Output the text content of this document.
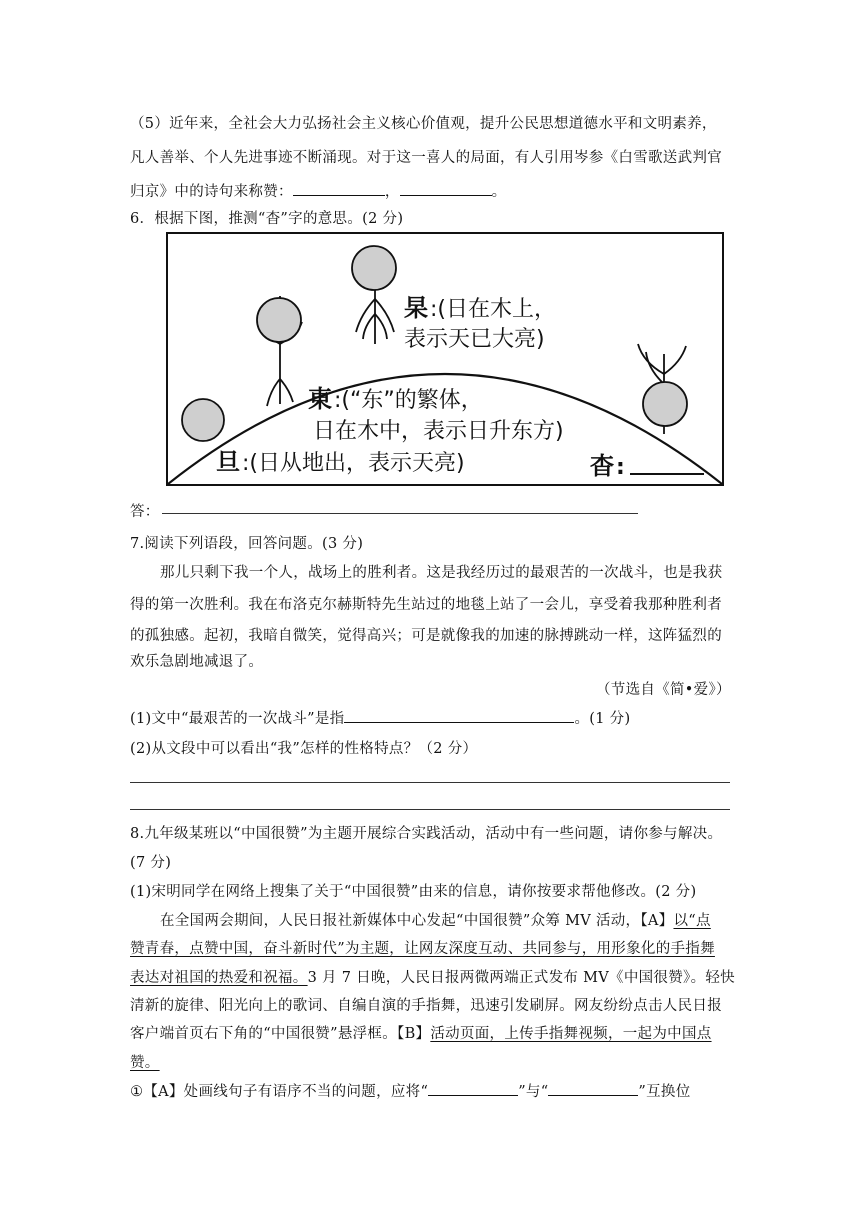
（5）近年来，全社会大力弘扬社会主义核心价值观，提升公民思想道德水平和文明素养，
凡人善举、个人先进事迹不断涌现。对于这一喜人的局面，有人引用岑参《白雪歌送武判官
归京》中的诗句来称赞：	，	。
6．根据下图，推测“杳”字的意思。(2 分)
杲 :(日在木上，
表示天已大亮)
東 :(“东”的繁体，
日在木中，表示日升东方)
旦 :(日从地出，表示天亮)	杳 :
答：
7.阅读下列语段，回答问题。(3 分)
那儿只剩下我一个人，战场上的胜利者。这是我经历过的最艰苦的一次战斗，也是我获
得的第一次胜利。我在布洛克尔赫斯特先生站过的地毯上站了一会儿，享受着我那种胜利者
的孤独感。起初，我暗自微笑，觉得高兴；可是就像我的加速的脉搏跳动一样，这阵猛烈的
欢乐急剧地减退了。
（节选自《简•爱》）
(1)文中“最艰苦的一次战斗”是指	。(1 分)
(2)从文段中可以看出“我”怎样的性格特点？（2 分）
8.九年级某班以“中国很赞”为主题开展综合实践活动，活动中有一些问题，请你参与解决。
(7 分)
(1)宋明同学在网络上搜集了关于“中国很赞”由来的信息，请你按要求帮他修改。(2 分)
在全国两会期间，人民日报社新媒体中心发起“中国很赞”众筹 MV 活动，【A】以“点
赞青春，点赞中国，奋斗新时代”为主题，让网友深度互动、共同参与，用形象化的手指舞
表达对祖国的热爱和祝福。3 月 7 日晚，人民日报两微两端正式发布 MV《中国很赞》。轻快
清新的旋律、阳光向上的歌词、自编自演的手指舞，迅速引发刷屏。网友纷纷点击人民日报
客户端首页右下角的“中国很赞”悬浮框。【B】活动页面，上传手指舞视频，一起为中国点
赞。
①【A】处画线句子有语序不当的问题，应将“	”与“	”互换位
